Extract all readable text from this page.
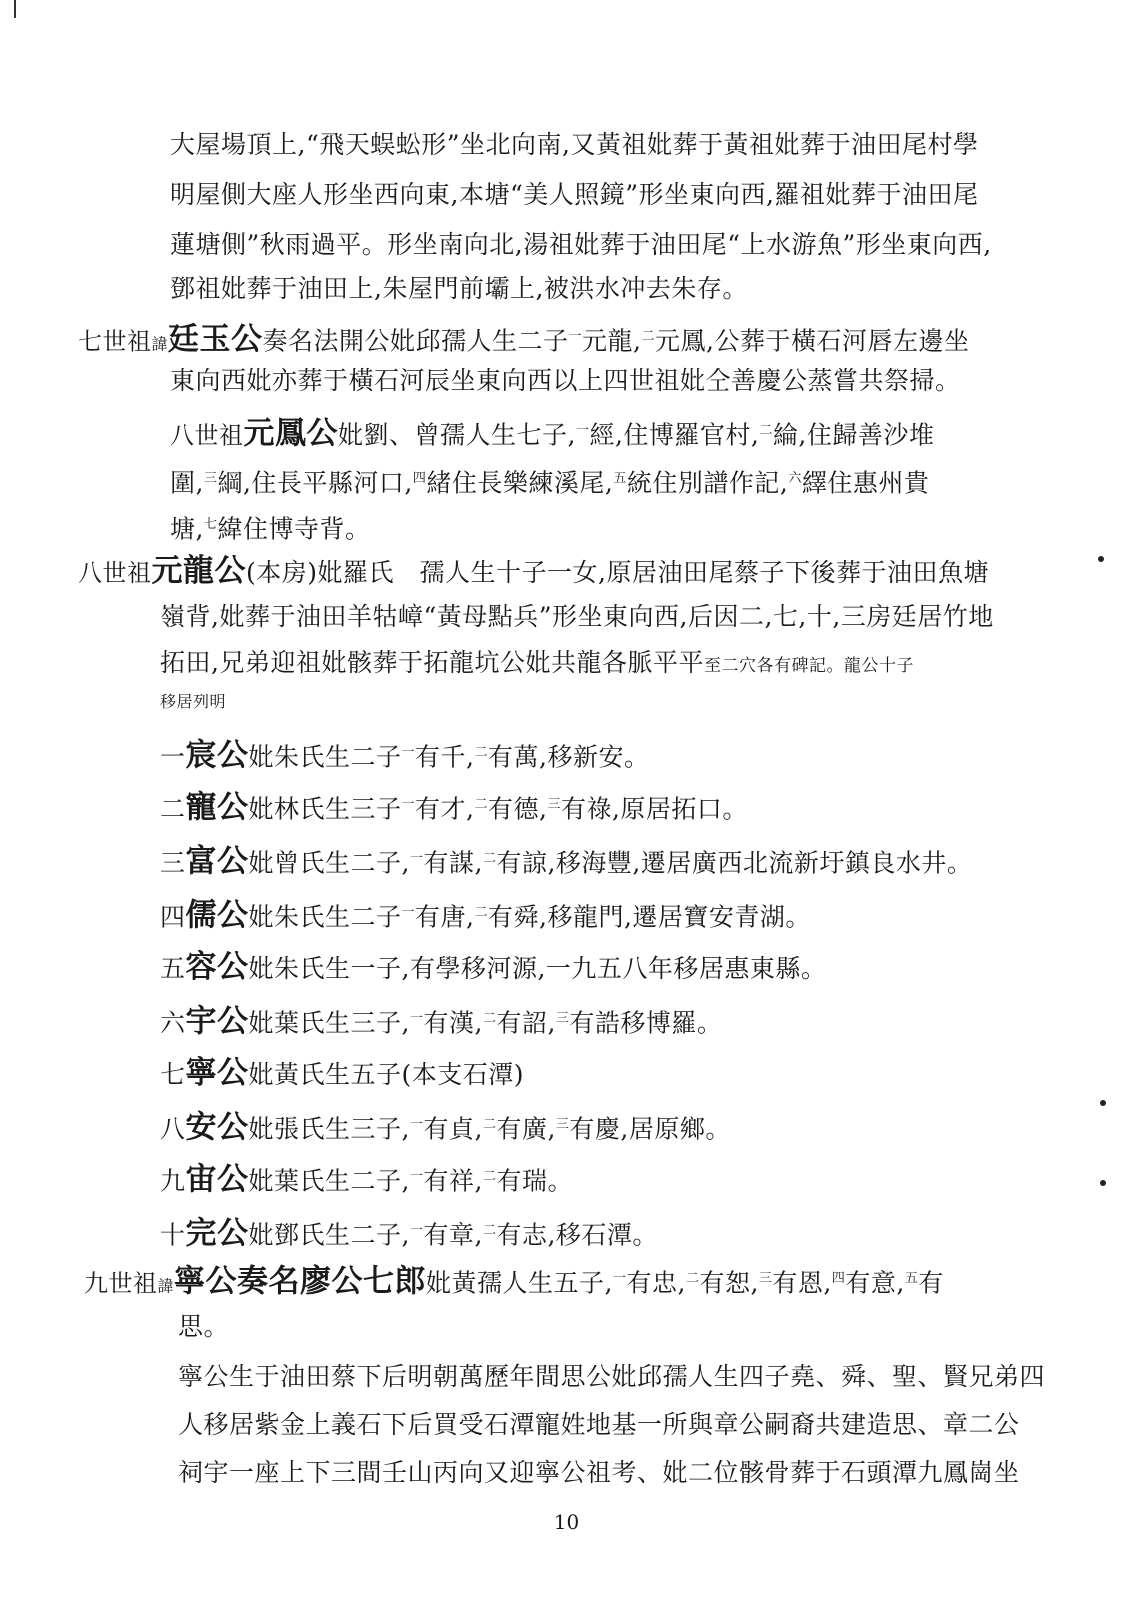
大屋場頂上,“飛天蜈蚣形”坐北向南,又黃祖妣葬于黃祖妣葬于油田尾村學
明屋側大座人形坐西向東,本塘“美人照鏡”形坐東向西,羅祖妣葬于油田尾
蓮塘側”秋雨過平。形坐南向北,湯祖妣葬于油田尾“上水游魚”形坐東向西,
鄧祖妣葬于油田上,朱屋門前壩上,被洪水冲去朱存。
七世祖諱廷玉公奏名法開公妣邱孺人生二子$^一$元龍,$^二$元鳳,公葬于橫石河唇左邊坐
東向西妣亦葬于橫石河辰坐東向西以上四世祖妣仝善慶公蒸嘗共祭掃。
八世祖元鳳公妣劉、曾孺人生七子,$^一$經,住博羅官村,$^二$綸,住歸善沙堆
圍,$^三$綱,住長平縣河口,$^四$緒住長樂練溪尾,$^五$統住別譜作記,$^六$繹住惠州貴
塘,$^七$緯住博寺背。
八世祖元龍公(本房)妣羅氏　孺人生十子一女,原居油田尾蔡子下後葬于油田魚塘
嶺背,妣葬于油田羊牯嶂“黃母點兵”形坐東向西,后因二,七,十,三房廷居竹地
拓田,兄弟迎祖妣骸葬于拓龍坑公妣共龍各脈平平至二穴各有碑記。龍公十子
移居列明
一宸公妣朱氏生二子$^一$有千,$^二$有萬,移新安。
二寵公妣林氏生三子$^一$有才,$^二$有德,$^三$有祿,原居拓口。
三富公妣曾氏生二子,$^一$有謀,$^二$有諒,移海豐,遷居廣西北流新圩鎮良水井。
四儒公妣朱氏生二子$^一$有唐,$^二$有舜,移龍門,遷居寶安青湖。
五容公妣朱氏生一子,有學移河源,一九五八年移居惠東縣。
六宇公妣葉氏生三子,$^一$有漢,$^二$有詔,$^三$有誥移博羅。
七寧公妣黃氏生五子(本支石潭)
八安公妣張氏生三子,$^一$有貞,$^二$有廣,$^三$有慶,居原鄉。
九宙公妣葉氏生二子,$^一$有祥,$^二$有瑞。
十完公妣鄧氏生二子,$^一$有章,$^二$有志,移石潭。
九世祖諱寧公奏名廖公七郎妣黃孺人生五子,$^一$有忠,$^二$有恕,$^三$有恩,$^四$有意,$^五$有
思。
寧公生于油田蔡下后明朝萬歷年間思公妣邱孺人生四子堯、舜、聖、賢兄弟四
人移居紫金上義石下后買受石潭寵姓地基一所與章公嗣裔共建造思、章二公
祠宇一座上下三間壬山丙向又迎寧公祖考、妣二位骸骨葬于石頭潭九鳳崗坐
10
